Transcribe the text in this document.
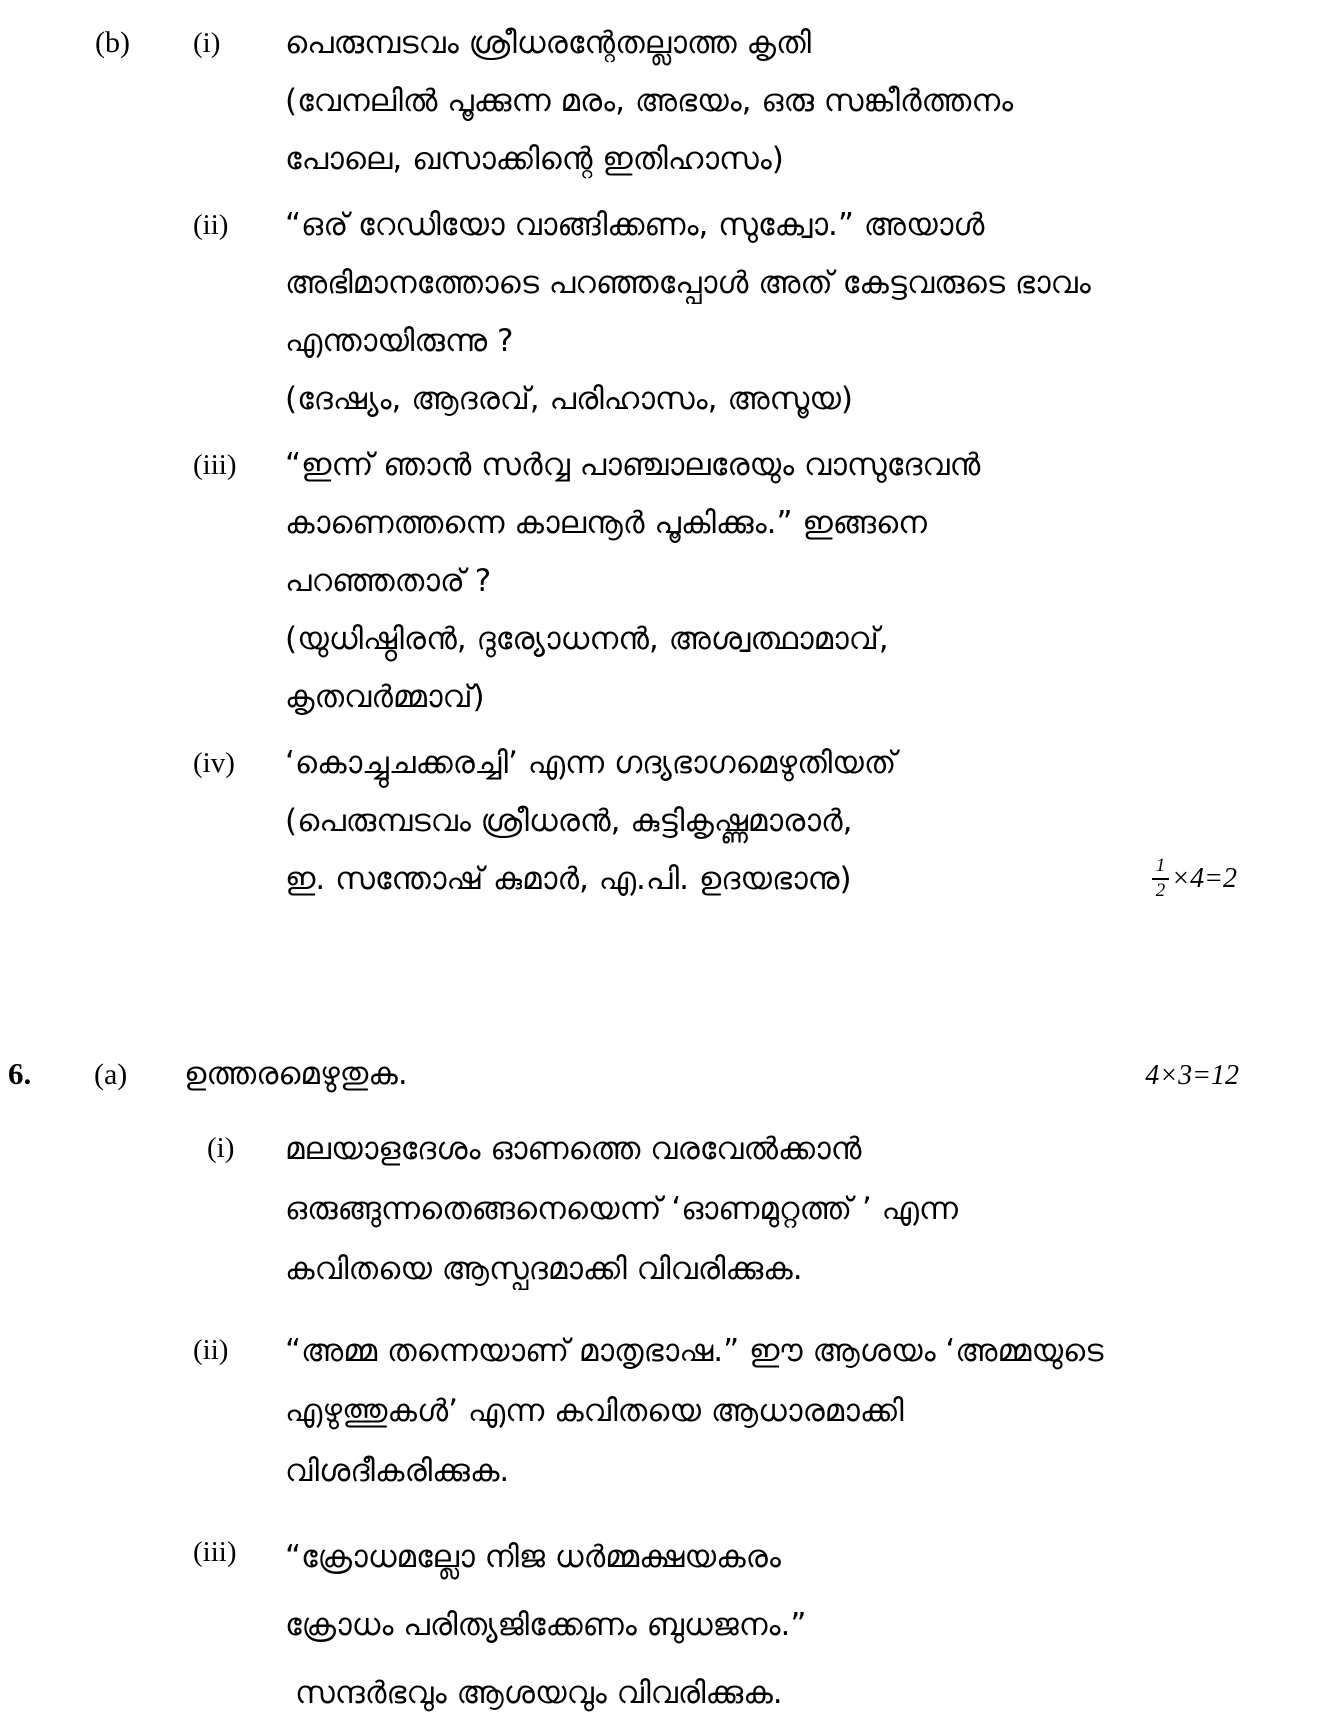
(b)	(i)	പെരുമ്പടവം ശ്രീധരന്റേതല്ലാത്ത കൃതി
(വേനലിൽ പൂക്കുന്ന മരം, അഭയം, ഒരു സങ്കീർത്തനം
പോലെ, ഖസാക്കിന്റെ ഇതിഹാസം)
(ii)	“ഒര് റേഡിയോ വാങ്ങിക്കണം, സുക്വോ.” അയാൾ
അഭിമാനത്തോടെ പറഞ്ഞപ്പോൾ അത് കേട്ടവരുടെ ഭാവം
എന്തായിരുന്നു ?
(ദേഷ്യം, ആദരവ്, പരിഹാസം, അസൂയ)
(iii)	“ഇന്ന് ഞാൻ സർവ്വ പാഞ്ചാലരേയും വാസുദേവൻ
കാണെത്തന്നെ കാലനൂർ പൂകിക്കും.” ഇങ്ങനെ
പറഞ്ഞതാര് ?
(യുധിഷ്ഠിരൻ, ദുര്യോധനൻ, അശ്വത്ഥാമാവ്,
കൃതവർമ്മാവ്)
(iv)	‘കൊച്ചുചക്കരച്ചി’ എന്ന ഗദ്യഭാഗമെഴുതിയത്
(പെരുമ്പടവം ശ്രീധരൻ, കുട്ടികൃഷ്ണമാരാർ,
ഇ. സന്തോഷ് കുമാർ, എ.പി. ഉദയഭാനു)	$\frac{1}{2} \times 4=2$
6.	(a)	ഉത്തരമെഴുതുക.	4×3=12
(i)	മലയാളദേശം ഓണത്തെ വരവേൽക്കാൻ
ഒരുങ്ങുന്നതെങ്ങനെയെന്ന് ‘ഓണമുറ്റത്ത് ’ എന്ന
കവിതയെ ആസ്പദമാക്കി വിവരിക്കുക.
(ii)	“അമ്മ തന്നെയാണ് മാതൃഭാഷ.” ഈ ആശയം ‘അമ്മയുടെ
എഴുത്തുകൾ’ എന്ന കവിതയെ ആധാരമാക്കി
വിശദീകരിക്കുക.
(iii)	“ക്രോധമല്ലോ നിജ ധർമ്മക്ഷയകരം
ക്രോധം പരിത്യജിക്കേണം ബുധജനം.”
സന്ദർഭവും ആശയവും വിവരിക്കുക.
